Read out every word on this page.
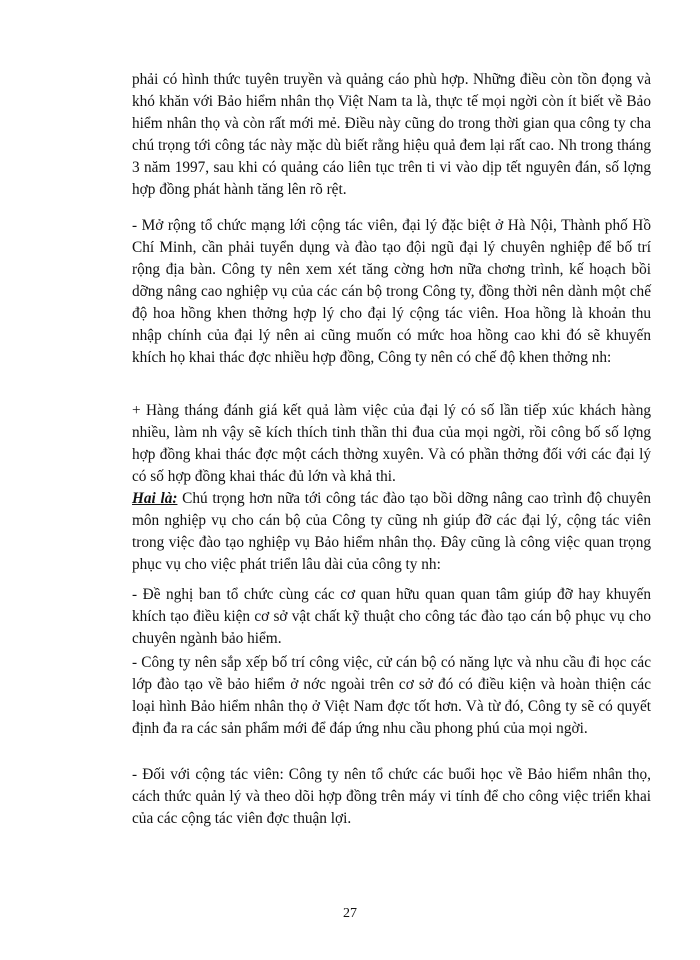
phải có hình thức tuyên truyền và quảng cáo phù hợp. Những điều còn tồn đọng và khó khăn với Bảo hiểm nhân thọ Việt Nam ta là, thực tế mọi ngời còn ít biết về Bảo hiểm nhân thọ và còn rất mới mẻ. Điều này cũng do trong thời gian qua công ty cha chú trọng tới công tác này mặc dù biết rằng hiệu quả đem lại rất cao. Nh trong tháng 3 năm 1997, sau khi có quảng cáo liên tục trên ti vi vào dịp tết nguyên đán, số lợng hợp đồng phát hành tăng lên rõ rệt.

- Mở rộng tổ chức mạng lới cộng tác viên, đại lý đặc biệt ở Hà Nội, Thành phố Hồ Chí Minh, cần phải tuyển dụng và đào tạo đội ngũ đại lý chuyên nghiệp để bố trí rộng địa bàn. Công ty nên xem xét tăng cờng hơn nữa chơng trình, kế hoạch bồi dỡng nâng cao nghiệp vụ của các cán bộ trong Công ty, đồng thời nên dành một chế độ hoa hồng khen thởng hợp lý cho đại lý cộng tác viên. Hoa hồng là khoản thu nhập chính của đại lý nên ai cũng muốn có mức hoa hồng cao khi đó sẽ khuyến khích họ khai thác đợc nhiều hợp đồng, Công ty nên có chế độ khen thởng nh:

+ Hàng tháng đánh giá kết quả làm việc của đại lý có số lần tiếp xúc khách hàng nhiều, làm nh vậy sẽ kích thích tinh thần thi đua của mọi ngời, rồi công bố số lợng hợp đồng khai thác đợc một cách thờng xuyên. Và có phần thởng đối với các đại lý có số hợp đồng khai thác đủ lớn và khả thi.

Hai là: Chú trọng hơn nữa tới công tác đào tạo bồi dỡng nâng cao trình độ chuyên môn nghiệp vụ cho cán bộ của Công ty cũng nh giúp đỡ các đại lý, cộng tác viên trong việc đào tạo nghiệp vụ Bảo hiểm nhân thọ. Đây cũng là công việc quan trọng phục vụ cho việc phát triển lâu dài của công ty nh:

- Đề nghị ban tổ chức cùng các cơ quan hữu quan quan tâm giúp đỡ hay khuyến khích tạo điều kiện cơ sở vật chất kỹ thuật cho công tác đào tạo cán bộ phục vụ cho chuyên ngành bảo hiểm.

- Công ty nên sắp xếp bố trí công việc, cử cán bộ có năng lực và nhu cầu đi học các lớp đào tạo về bảo hiểm ở nớc ngoài trên cơ sở đó có điều kiện và hoàn thiện các loại hình Bảo hiểm nhân thọ ở Việt Nam đợc tốt hơn. Và từ đó, Công ty sẽ có quyết định đa ra các sản phẩm mới để đáp ứng nhu cầu phong phú của mọi ngời.

- Đối với cộng tác viên: Công ty nên tổ chức các buổi học về Bảo hiểm nhân thọ, cách thức quản lý và theo dõi hợp đồng trên máy vi tính để cho công việc triển khai của các cộng tác viên đợc thuận lợi.

27
